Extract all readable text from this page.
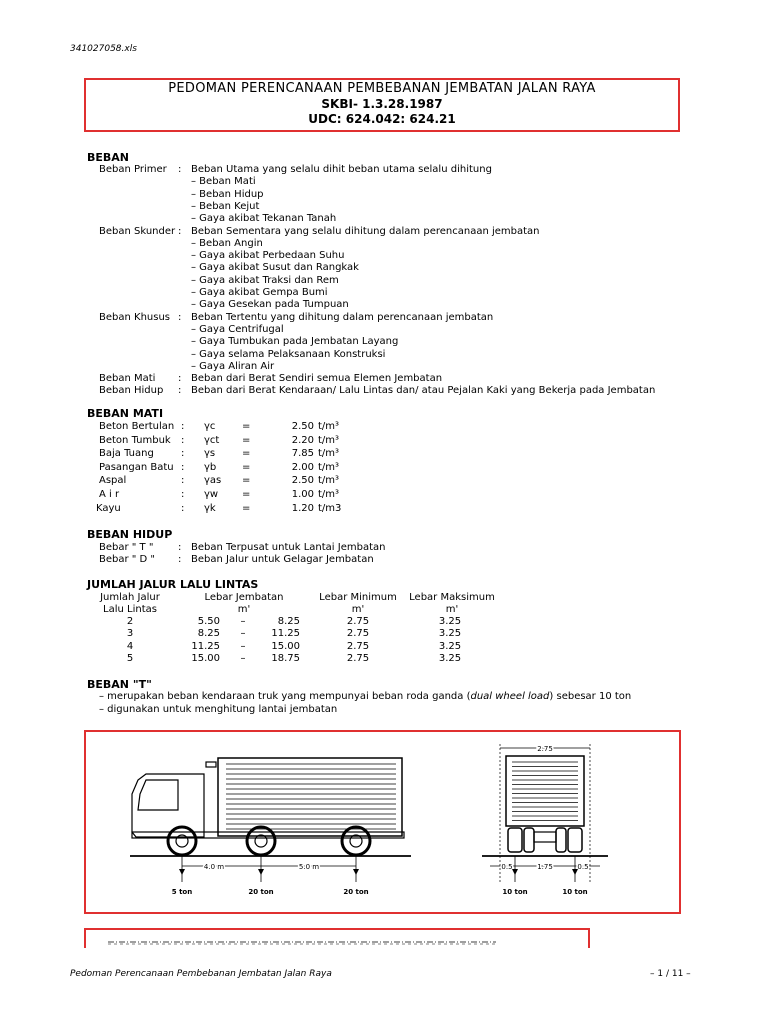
341027058.xls
PEDOMAN PERENCANAAN PEMBEBANAN JEMBATAN JALAN RAYA
SKBI- 1.3.28.1987
UDC: 624.042: 624.21
BEBAN
Beban Primer : Beban Utama yang selalu dihit beban utama selalu dihitung
– Beban Mati
– Beban Hidup
– Beban Kejut
– Gaya akibat Tekanan Tanah
Beban Skunder : Beban Sementara yang selalu dihitung dalam perencanaan jembatan
– Beban Angin
– Gaya akibat Perbedaan Suhu
– Gaya akibat Susut dan Rangkak
– Gaya akibat Traksi dan Rem
– Gaya akibat Gempa Bumi
– Gaya Gesekan pada Tumpuan
Beban Khusus : Beban Tertentu yang dihitung dalam perencanaan jembatan
– Gaya Centrifugal
– Gaya Tumbukan pada Jembatan Layang
– Gaya selama Pelaksanaan Konstruksi
– Gaya Aliran Air
Beban Mati : Beban dari Berat Sendiri semua Elemen Jembatan
Beban Hidup : Beban dari Berat Kendaraan/ Lalu Lintas dan/ atau Pejalan Kaki yang Bekerja pada Jembatan
BEBAN MATI
Beton Bertulan : γc	=	2.50 t/m³
Beton Tumbuk : γct =	2.20 t/m³
Baja Tuang	: γs	=	7.85 t/m³
Pasangan Batu : γb	=	2.00 t/m³
Aspal	: γas =	2.50 t/m³
A i r	: γw =	1.00 t/m³
Kayu	: γk	=	1.20 t/m3
BEBAN HIDUP
Bebar " T " : Beban Terpusat untuk Lantai Jembatan
Bebar " D " : Beban Jalur untuk Gelagar Jembatan
JUMLAH JALUR LALU LINTAS
Jumlah Jalur	Lebar Jembatan	Lebar Minimum	Lebar Maksimum
Lalu Lintas	m'	m'	m'
2	5.50	–	8.25	2.75	3.25
3	8.25	–	11.25	2.75	3.25
4	11.25	–	15.00	2.75	3.25
5	15.00	–	18.75	2.75	3.25
BEBAN "T"
– merupakan beban kendaraan truk yang mempunyai beban roda ganda (dual wheel load) sebesar 10 ton
– digunakan untuk menghitung lantai jembatan
4.0 m	5.0 m
5 ton	20 ton	20 ton
2.75
0.5	1.75	0.5
10 ton	10 ton
Pedoman Perencanaan Pembebanan Jembatan Jalan Raya	– 1 / 11 –
